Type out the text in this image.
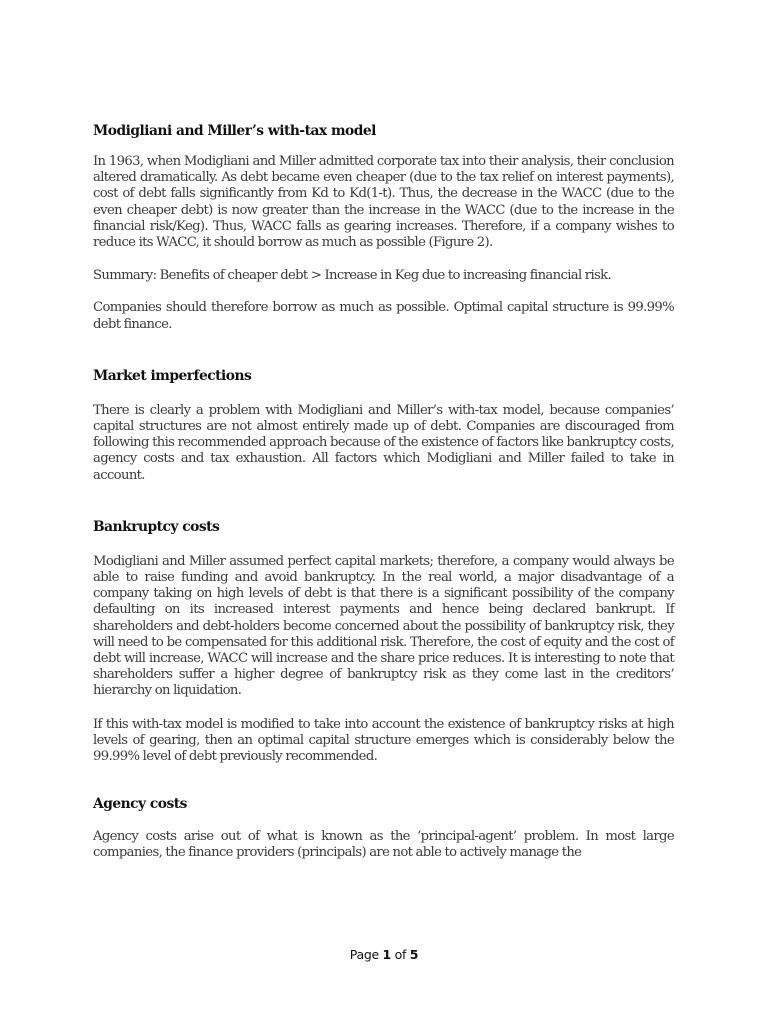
Modigliani and Miller’s with-tax model

In 1963, when Modigliani and Miller admitted corporate tax into their analysis, their conclusion altered dramatically. As debt became even cheaper (due to the tax relief on interest payments), cost of debt falls significantly from Kd to Kd(1-t). Thus, the decrease in the WACC (due to the even cheaper debt) is now greater than the increase in the WACC (due to the increase in the financial risk/Keg). Thus, WACC falls as gearing increases. Therefore, if a company wishes to reduce its WACC, it should borrow as much as possible (Figure 2).

Summary: Benefits of cheaper debt > Increase in Keg due to increasing financial risk.

Companies should therefore borrow as much as possible. Optimal capital structure is 99.99% debt finance.

Market imperfections

There is clearly a problem with Modigliani and Miller’s with-tax model, because companies’ capital structures are not almost entirely made up of debt. Companies are discouraged from following this recommended approach because of the existence of factors like bankruptcy costs, agency costs and tax exhaustion. All factors which Modigliani and Miller failed to take in account.

Bankruptcy costs

Modigliani and Miller assumed perfect capital markets; therefore, a company would always be able to raise funding and avoid bankruptcy. In the real world, a major disadvantage of a company taking on high levels of debt is that there is a significant possibility of the company defaulting on its increased interest payments and hence being declared bankrupt. If shareholders and debt-holders become concerned about the possibility of bankruptcy risk, they will need to be compensated for this additional risk. Therefore, the cost of equity and the cost of debt will increase, WACC will increase and the share price reduces. It is interesting to note that shareholders suffer a higher degree of bankruptcy risk as they come last in the creditors’ hierarchy on liquidation.

If this with-tax model is modified to take into account the existence of bankruptcy risks at high levels of gearing, then an optimal capital structure emerges which is considerably below the 99.99% level of debt previously recommended.

Agency costs

Agency costs arise out of what is known as the ‘principal-agent’ problem. In most large companies, the finance providers (principals) are not able to actively manage the

Page 1 of 5
